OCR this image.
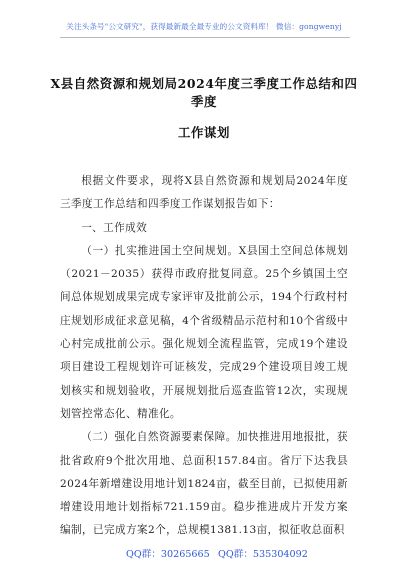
关注头条号"公文研究"，获得最新最全最专业的公文资料库！ 微信：gongwenyj
X县自然资源和规划局2024年度三季度工作总结和四季度
工作谋划

根据文件要求，现将X县自然资源和规划局2024年度三季度工作总结和四季度工作谋划报告如下：

一、工作成效

（一）扎实推进国土空间规划。X县国土空间总体规划（2021－2035）获得市政府批复同意。25个乡镇国土空间总体规划成果完成专家评审及批前公示，194个行政村村庄规划形成征求意见稿，4个省级精品示范村和10个省级中心村完成批前公示。强化规划全流程监管，完成19个建设项目建设工程规划许可证核发，完成29个建设项目竣工规划核实和规划验收，开展规划批后巡查监管12次，实现规划管控常态化、精准化。

（二）强化自然资源要素保障。加快推进用地报批，获批省政府9个批次用地、总面积157.84亩。省厅下达我县2024年新增建设用地计划1824亩，截至目前，已拟使用新增建设用地计划指标721.159亩。稳步推进成片开发方案编制，已完成方案2个，总规模1381.13亩，拟征收总面积

QQ群：30265665 QQ群：535304092
